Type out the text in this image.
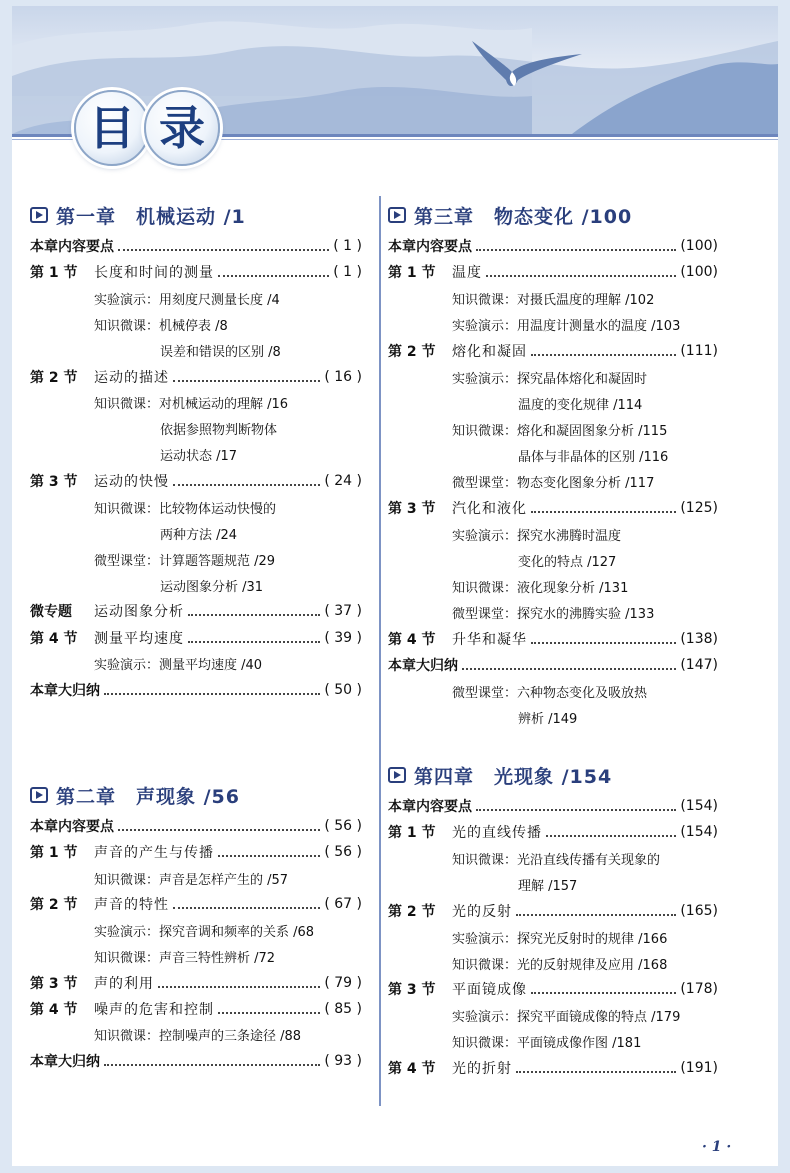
目 录
· 1 ·
第一章　机械运动 /1
本章内容要点	( 1 )
第 1 节	长度和时间的测量	( 1 )
实验演示： 用刻度尺测量长度 /4
知识微课： 机械停表 /8
误差和错误的区别 /8
第 2 节	运动的描述	( 16 )
知识微课： 对机械运动的理解 /16
依据参照物判断物体
运动状态 /17
第 3 节	运动的快慢	( 24 )
知识微课： 比较物体运动快慢的
两种方法 /24
微型课堂： 计算题答题规范 /29
运动图象分析 /31
微专题	运动图象分析	( 37 )
第 4 节	测量平均速度	( 39 )
实验演示： 测量平均速度 /40
本章大归纳	( 50 )
第二章　声现象 /56
本章内容要点	( 56 )
第 1 节	声音的产生与传播	( 56 )
知识微课： 声音是怎样产生的 /57
第 2 节	声音的特性	( 67 )
实验演示： 探究音调和频率的关系 /68
知识微课： 声音三特性辨析 /72
第 3 节	声的利用	( 79 )
第 4 节	噪声的危害和控制	( 85 )
知识微课： 控制噪声的三条途径 /88
本章大归纳	( 93 )
第三章　物态变化 /100
本章内容要点	(100)
第 1 节	温度	(100)
知识微课： 对摄氏温度的理解 /102
实验演示： 用温度计测量水的温度 /103
第 2 节	熔化和凝固	(111)
实验演示： 探究晶体熔化和凝固时
温度的变化规律 /114
知识微课： 熔化和凝固图象分析 /115
晶体与非晶体的区别 /116
微型课堂： 物态变化图象分析 /117
第 3 节	汽化和液化	(125)
实验演示： 探究水沸腾时温度
变化的特点 /127
知识微课： 液化现象分析 /131
微型课堂： 探究水的沸腾实验 /133
第 4 节	升华和凝华	(138)
本章大归纳	(147)
微型课堂： 六种物态变化及吸放热
辨析 /149
第四章　光现象 /154
本章内容要点	(154)
第 1 节	光的直线传播	(154)
知识微课： 光沿直线传播有关现象的
理解 /157
第 2 节	光的反射	(165)
实验演示： 探究光反射时的规律 /166
知识微课： 光的反射规律及应用 /168
第 3 节	平面镜成像	(178)
实验演示： 探究平面镜成像的特点 /179
知识微课： 平面镜成像作图 /181
第 4 节	光的折射	(191)
